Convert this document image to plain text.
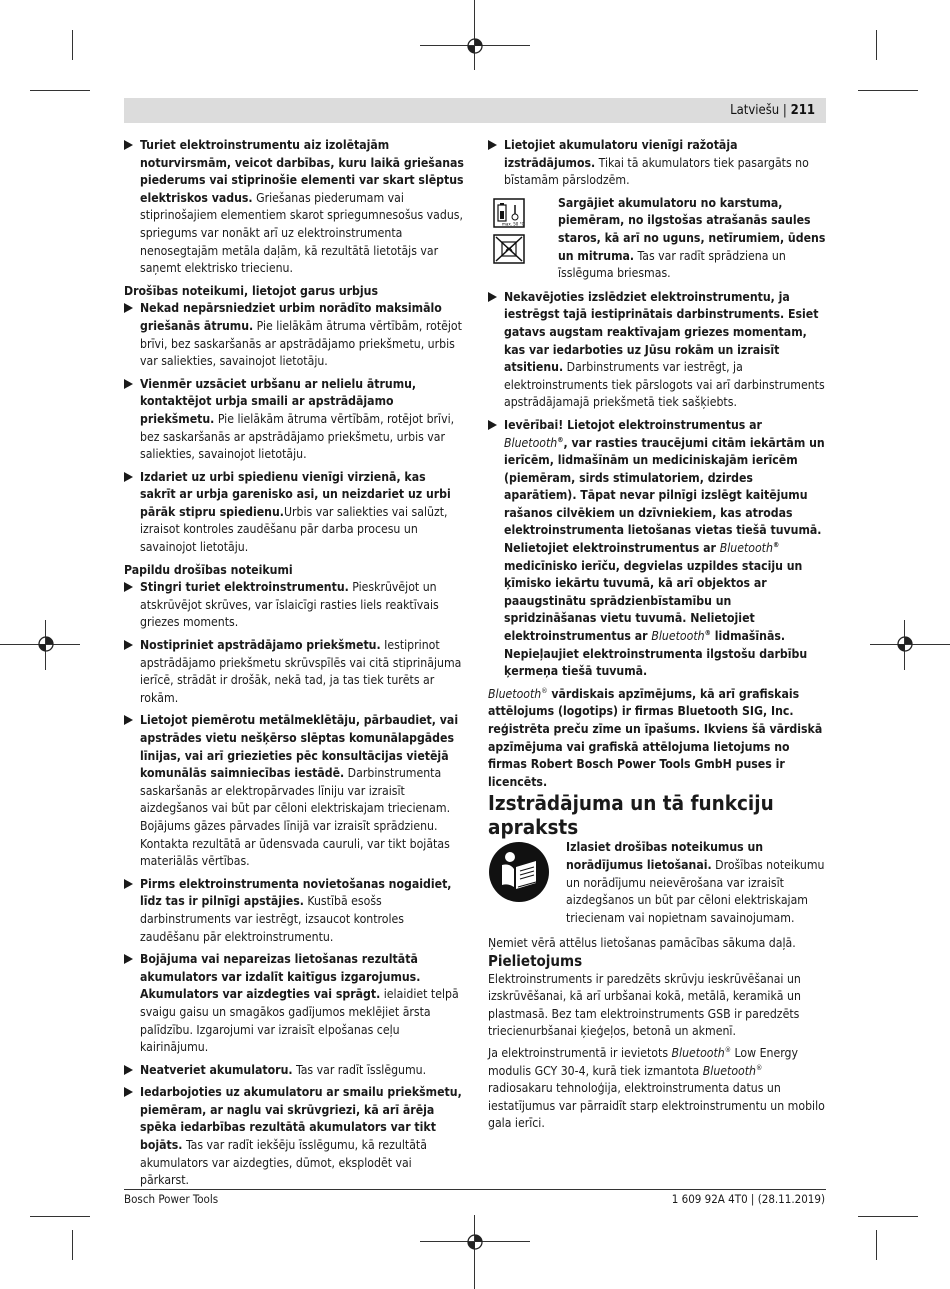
Latviešu | 211
Turiet elektroinstrumentu aiz izolētajām noturvirsmām, veicot darbības, kuru laikā griešanas piederums vai stiprinošie elementi var skart slēptus elektriskos vadus. Griešanas piederumam vai stiprinošajiem elementiem skarot spriegumnesošus vadus, spriegums var nonākt arī uz elektroinstrumenta nenosegtajām metāla daļām, kā rezultātā lietotājs var saņemt elektrisko triecienu.

Drošības noteikumi, lietojot garus urbjus

Nekad nepārsniedziet urbim norādīto maksimālo griešanās ātrumu. Pie lielākām ātruma vērtībām, rotējot brīvi, bez saskaršanās ar apstrādājamo priekšmetu, urbis var saliekties, savainojot lietotāju.
Vienmēr uzsāciet urbšanu ar nelielu ātrumu, kontaktējot urbja smaili ar apstrādājamo priekšmetu. Pie lielākām ātruma vērtībām, rotējot brīvi, bez saskaršanās ar apstrādājamo priekšmetu, urbis var saliekties, savainojot lietotāju.
Izdariet uz urbi spiedienu vienīgi virzienā, kas sakrīt ar urbja garenisko asi, un neizdariet uz urbi pārāk stipru spiedienu.Urbis var saliekties vai salūzt, izraisot kontroles zaudēšanu pār darba procesu un savainojot lietotāju.

Papildu drošības noteikumi

Stingri turiet elektroinstrumentu. Pieskrūvējot un atskrūvējot skrūves, var īslaicīgi rasties liels reaktīvais griezes moments.
Nostipriniet apstrādājamo priekšmetu. Iestiprinot apstrādājamo priekšmetu skrūvspīlēs vai citā stiprinājuma ierīcē, strādāt ir drošāk, nekā tad, ja tas tiek turēts ar rokām.
Lietojot piemērotu metālmeklētāju, pārbaudiet, vai apstrādes vietu nešķērso slēptas komunālapgādes līnijas, vai arī griezieties pēc konsultācijas vietējā komunālās saimniecības iestādē. Darbinstrumenta saskaršanās ar elektropārvades līniju var izraisīt aizdegšanos vai būt par cēloni elektriskajam triecienam. Bojājums gāzes pārvades līnijā var izraisīt sprādzienu. Kontakta rezultātā ar ūdensvada cauruli, var tikt bojātas materiālās vērtības.
Pirms elektroinstrumenta novietošanas nogaidiet, līdz tas ir pilnīgi apstājies. Kustībā esošs darbinstruments var iestrēgt, izsaucot kontroles zaudēšanu pār elektroinstrumentu.
Bojājuma vai nepareizas lietošanas rezultātā akumulators var izdalīt kaitīgus izgarojumus. Akumulators var aizdegties vai sprāgt. ielaidiet telpā svaigu gaisu un smagākos gadījumos meklējiet ārsta palīdzību. Izgarojumi var izraisīt elpošanas ceļu kairinājumu.
Neatveriet akumulatoru. Tas var radīt īsslēgumu.
Iedarbojoties uz akumulatoru ar smailu priekšmetu, piemēram, ar naglu vai skrūvgriezi, kā arī ārēja spēka iedarbības rezultātā akumulators var tikt bojāts. Tas var radīt iekšēju īsslēgumu, kā rezultātā akumulators var aizdegties, dūmot, eksplodēt vai pārkarst.
Lietojiet akumulatoru vienīgi ražotāja izstrādājumos. Tikai tā akumulators tiek pasargāts no bīstamām pārslodzēm.
max. 50 °C
Sargājiet akumulatoru no karstuma, piemēram, no ilgstošas atrašanās saules staros, kā arī no uguns, netīrumiem, ūdens un mitruma. Tas var radīt sprādziena un īsslēguma briesmas.
Nekavējoties izslēdziet elektroinstrumentu, ja iestrēgst tajā iestiprinātais darbinstruments. Esiet gatavs augstam reaktīvajam griezes momentam, kas var iedarboties uz Jūsu rokām un izraisīt atsitienu. Darbinstruments var iestrēgt, ja elektroinstruments tiek pārslogots vai arī darbinstruments apstrādājamajā priekšmetā tiek sašķiebts.
Ievērībai! Lietojot elektroinstrumentus ar Bluetooth®, var rasties traucējumi citām iekārtām un ierīcēm, lidmašīnām un mediciniskajām ierīcēm (piemēram, sirds stimulatoriem, dzirdes aparātiem). Tāpat nevar pilnīgi izslēgt kaitējumu rašanos cilvēkiem un dzīvniekiem, kas atrodas elektroinstrumenta lietošanas vietas tiešā tuvumā. Nelietojiet elektroinstrumentus ar Bluetooth® medicīnisko ierīču, degvielas uzpildes staciju un ķīmisko iekārtu tuvumā, kā arī objektos ar paaugstinātu sprādzienbīstamību un spridzināšanas vietu tuvumā. Nelietojiet elektroinstrumentus ar Bluetooth® lidmašīnās. Nepieļaujiet elektroinstrumenta ilgstošu darbību ķermeņa tiešā tuvumā.

Bluetooth® vārdiskais apzīmējums, kā arī grafiskais attēlojums (logotips) ir firmas Bluetooth SIG, Inc. reģistrēta preču zīme un īpašums. Ikviens šā vārdiskā apzīmējuma vai grafiskā attēlojuma lietojums no firmas Robert Bosch Power Tools GmbH puses ir licencēts.

Izstrādājuma un tā funkciju apraksts

Izlasiet drošības noteikumus un norādījumus lietošanai. Drošības noteikumu un norādījumu neievērošana var izraisīt aizdegšanos un būt par cēloni elektriskajam triecienam vai nopietnam savainojumam.

Ņemiet vērā attēlus lietošanas pamācības sākuma daļā.

Pielietojums

Elektroinstruments ir paredzēts skrūvju ieskrūvēšanai un izskrūvēšanai, kā arī urbšanai kokā, metālā, keramikā un plastmasā. Bez tam elektroinstruments GSB ir paredzēts triecienurbšanai ķieģeļos, betonā un akmenī.

Ja elektroinstrumentā ir ievietots Bluetooth® Low Energy modulis GCY 30-4, kurā tiek izmantota Bluetooth® radiosakaru tehnoloģija, elektroinstrumenta datus un iestatījumus var pārraidīt starp elektroinstrumentu un mobilo gala ierīci.

Bosch Power Tools	1 609 92A 4T0 | (28.11.2019)
